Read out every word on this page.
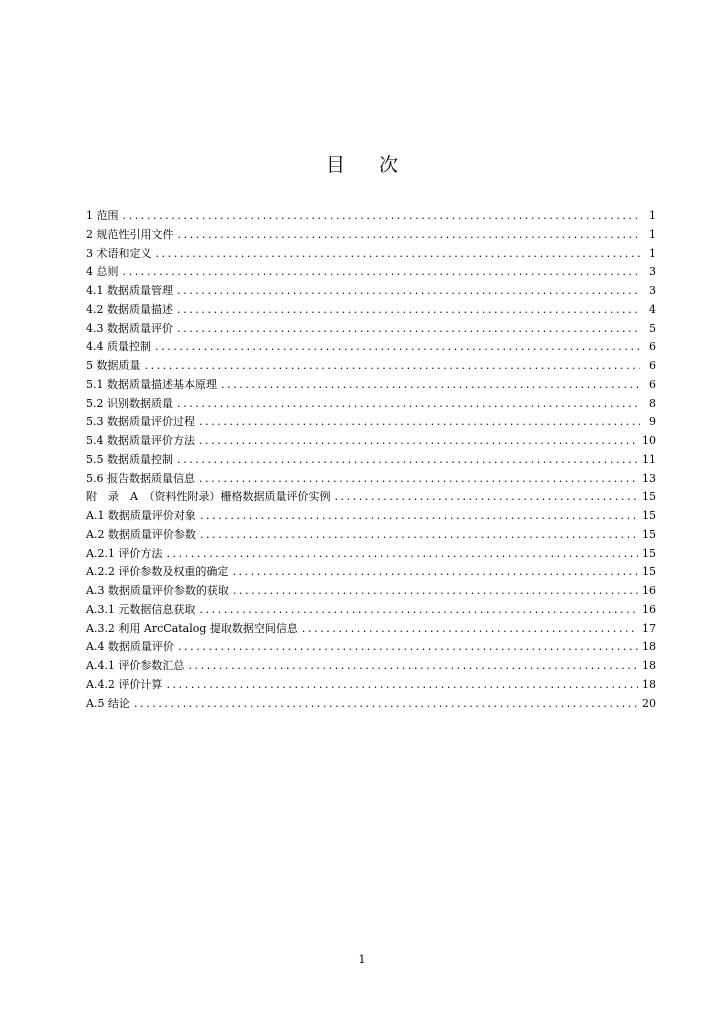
目次
1 范围 .....	1
2 规范性引用文件 .....	1
3 术语和定义 .....	1
4 总则 .....	3
4.1 数据质量管理 .....	3
4.2 数据质量描述 .....	4
4.3 数据质量评价 .....	5
4.4 质量控制 .....	6
5 数据质量 .....	6
5.1 数据质量描述基本原理 .....	6
5.2 识别数据质量 .....	8
5.3 数据质量评价过程 .....	9
5.4 数据质量评价方法 .....	10
5.5 数据质量控制 .....	11
5.6 报告数据质量信息 .....	13
附　录　A　（资料性附录）栅格数据质量评价实例 .....	15
A.1 数据质量评价对象 .....	15
A.2 数据质量评价参数 .....	15
A.2.1 评价方法 .....	15
A.2.2 评价参数及权重的确定 .....	15
A.3 数据质量评价参数的获取 .....	16
A.3.1 元数据信息获取 .....	16
A.3.2 利用 ArcCatalog 提取数据空间信息 .....	17
A.4 数据质量评价 .....	18
A.4.1 评价参数汇总 .....	18
A.4.2 评价计算 .....	18
A.5 结论 .....	20
1
